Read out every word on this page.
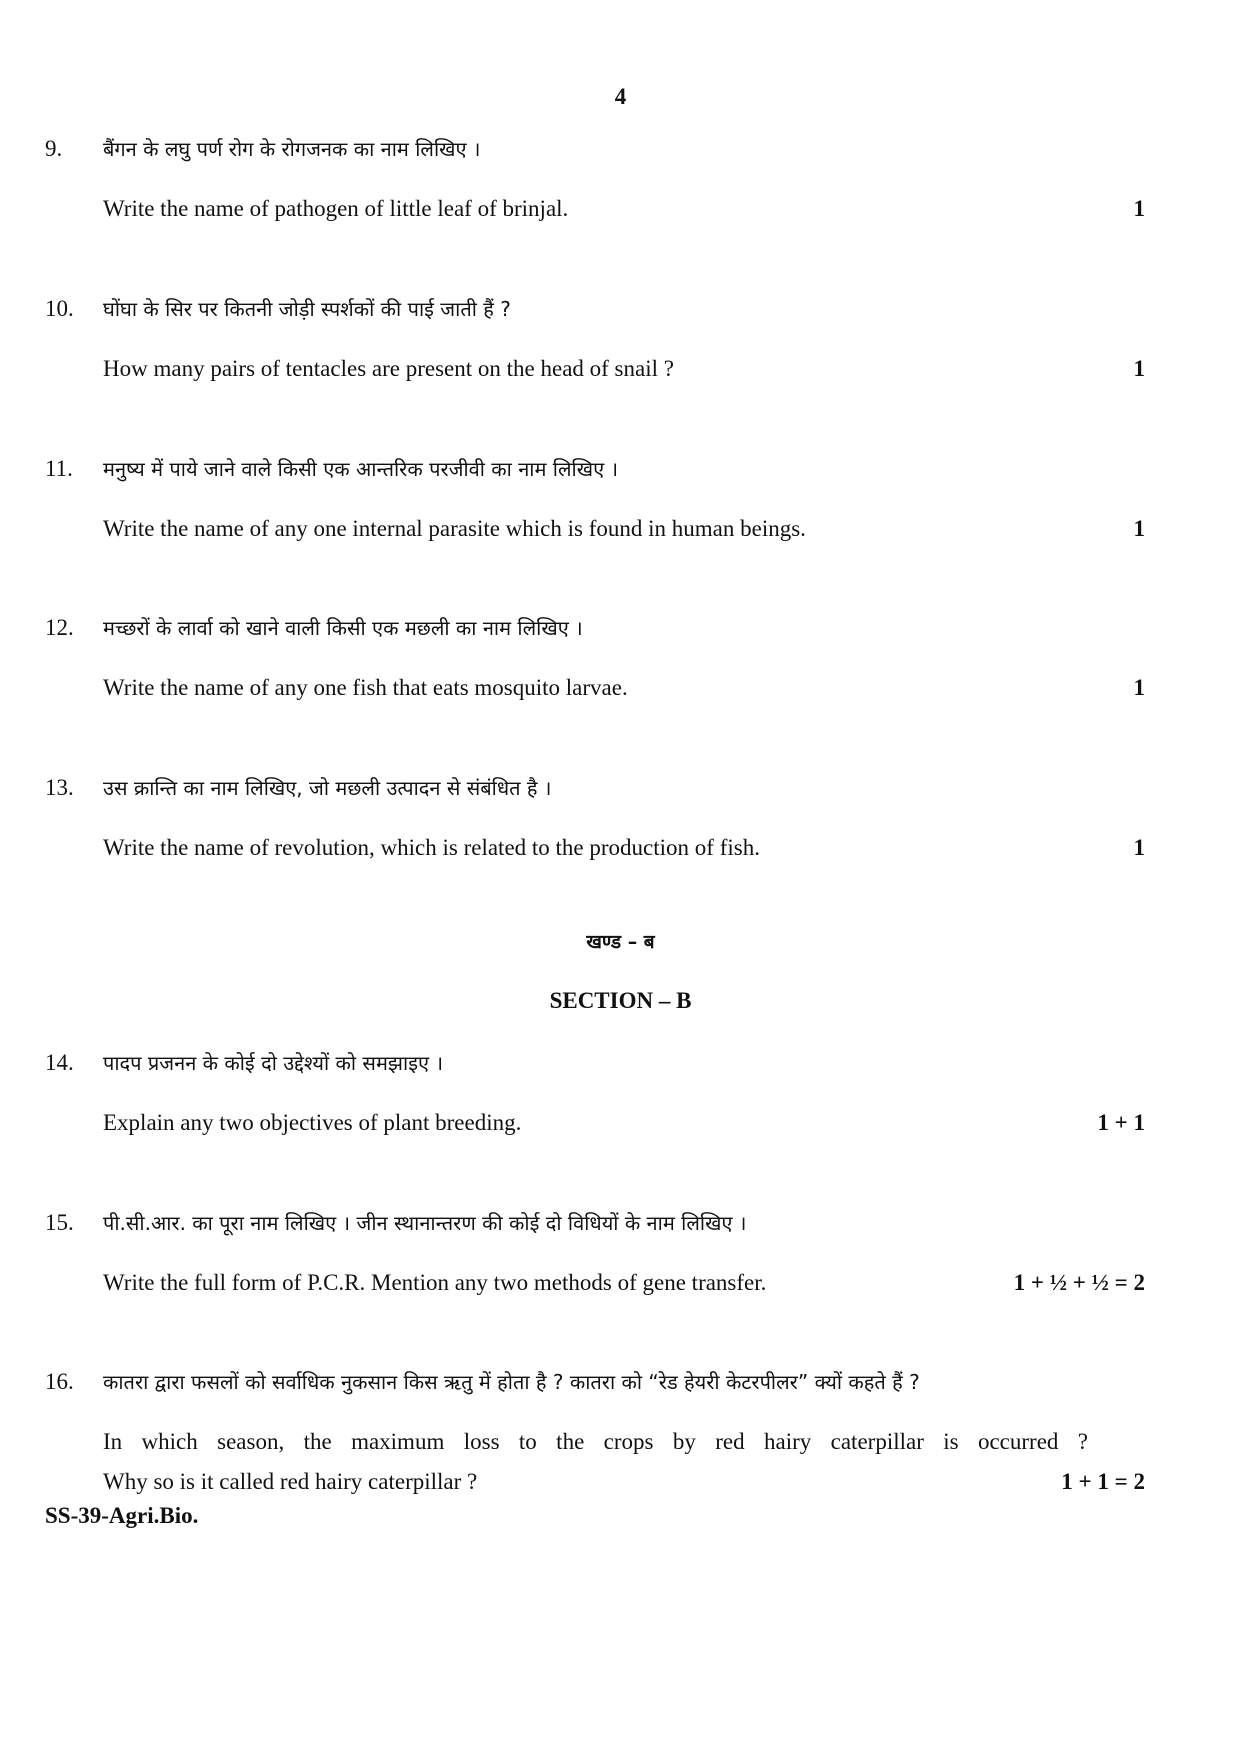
4
9. बैंगन के लघु पर्ण रोग के रोगजनक का नाम लिखिए ।
Write the name of pathogen of little leaf of brinjal.	1
10. घोंघा के सिर पर कितनी जोड़ी स्पर्शकों की पाई जाती हैं ?
How many pairs of tentacles are present on the head of snail ?	1
11. मनुष्य में पाये जाने वाले किसी एक आन्तरिक परजीवी का नाम लिखिए ।
Write the name of any one internal parasite which is found in human beings.	1
12. मच्छरों के लार्वा को खाने वाली किसी एक मछली का नाम लिखिए ।
Write the name of any one fish that eats mosquito larvae.	1
13. उस क्रान्ति का नाम लिखिए, जो मछली उत्पादन से संबंधित है ।
Write the name of revolution, which is related to the production of fish.	1
खण्ड – ब
SECTION – B
14. पादप प्रजनन के कोई दो उद्देश्यों को समझाइए ।
Explain any two objectives of plant breeding.	1 + 1
15. पी.सी.आर. का पूरा नाम लिखिए । जीन स्थानान्तरण की कोई दो विधियों के नाम लिखिए ।
Write the full form of P.C.R. Mention any two methods of gene transfer.	1 + ½ + ½ = 2
16. कातरा द्वारा फसलों को सर्वाधिक नुकसान किस ऋतु में होता है ? कातरा को “रेड हेयरी केटरपीलर” क्यों कहते हैं ?
In which season, the maximum loss to the crops by red hairy caterpillar is occurred ?
Why so is it called red hairy caterpillar ?	1 + 1 = 2
SS-39-Agri.Bio.
